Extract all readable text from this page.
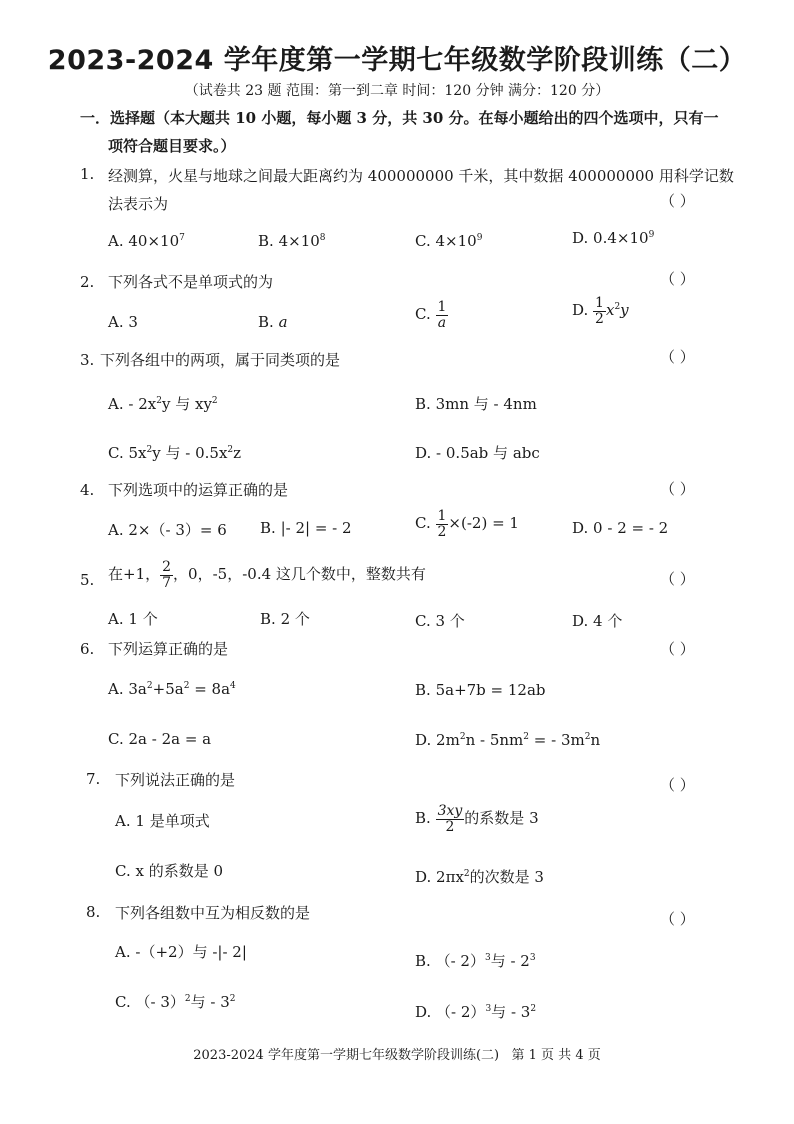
2023-2024 学年度第一学期七年级数学阶段训练（二）
（试卷共 23 题 范围：第一到二章 时间：120 分钟 满分：120 分）
一．选择题（本大题共 10 小题，每小题 3 分，共 30 分。在每小题给出的四个选项中，只有一
项符合题目要求。）
1. 经测算，火星与地球之间最大距离约为 400000000 千米，其中数据 400000000 用科学记数
法表示为	（ ）
A. $40\times 10^7$	B. $4\times 10^8$	C. $4\times 10^9$	D. $0.4\times 10^9$
2. 下列各式不是单项式的为	（ ）
A. 3	B. a	C. $\frac{1}{a}$	D. $\frac{1}{2} x^2y$
3. 下列各组中的两项，属于同类项的是	（ ）
A. - $2x^2y$ 与 $xy^2$	B. 3mn 与 - 4nm
C. $5x^2y$ 与 - $0.5x^2z$	D. - 0.5ab 与 abc
4. 下列选项中的运算正确的是	（ ）
A. 2×（- 3）= 6 B. |- 2| = - 2	C. $\frac{1}{2} \times(-2) = 1$	D. 0 - 2 = - 2
5. 在+1， $\frac{2}{7}$ ，0，-5，-0.4 这几个数中，整数共有	（ ）
A. 1 个	B. 2 个	C. 3 个	D. 4 个
6. 下列运算正确的是	（ ）
A. $3a^2+5a^2 = 8a^4$	B. 5a+7b = 12ab
C. 2a - 2a = a	D. $2m^2n - 5nm^2$ = - $3m^2n$
7. 下列说法正确的是	（ ）
A. 1 是单项式	B. $\frac{3xy}{2}$ 的系数是 3
C. x 的系数是 0	D. $2\pi x^2$的次数是 3
8. 下列各组数中互为相反数的是	（ ）
A. -（+2）与 -|- 2|	B. （- 2）$^3$与 - $2^3$
C. （- 3）$^2$与 - $3^2$
D. （- 2）$^3$与 - $3^2$
2023-2024 学年度第一学期七年级数学阶段训练(二) 第 1 页 共 4 页
